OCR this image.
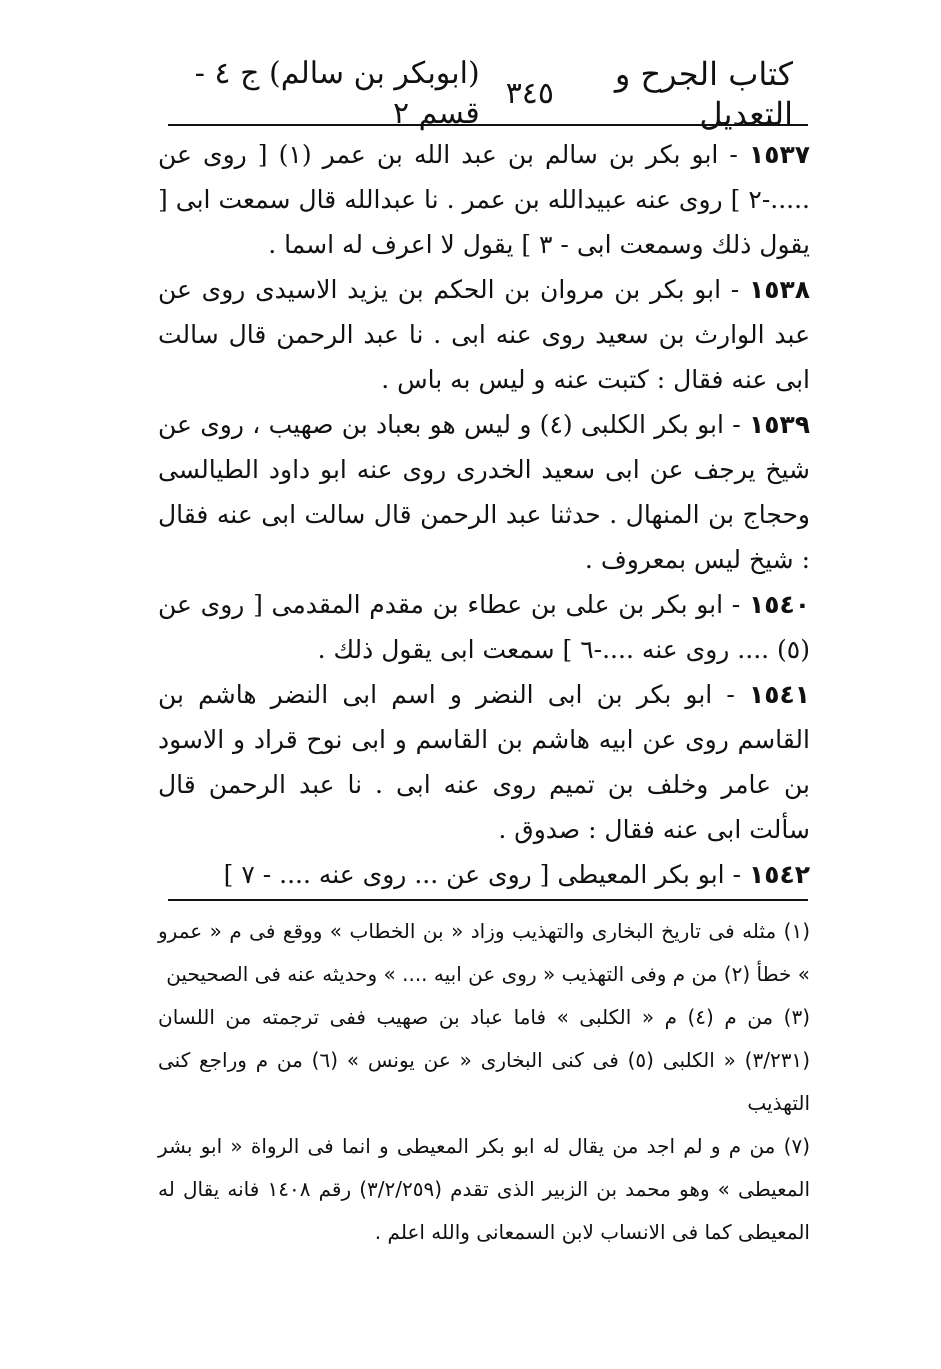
كتاب الجرح و التعديل
٣٤٥
(ابوبكر بن سالم) ج ٤ - قسم ٢

١٥٣٧ - ابو بكر بن سالم بن عبد الله بن عمر (١) [ روى عن .....-٢ ] روى عنه عبيدالله بن عمر . نا عبدالله قال سمعت ابى [ يقول ذلك وسمعت ابى - ٣ ] يقول لا اعرف له اسما .

١٥٣٨ - ابو بكر بن مروان بن الحكم بن يزيد الاسيدى روى عن عبد الوارث بن سعيد روى عنه ابى . نا عبد الرحمن قال سالت ابى عنه فقال : كتبت عنه و ليس به باس .

١٥٣٩ - ابو بكر الكلبى (٤) و ليس هو بعباد بن صهيب ، روى عن شيخ يرجف عن ابى سعيد الخدرى روى عنه ابو داود الطيالسى وحجاج بن المنهال . حدثنا عبد الرحمن قال سالت ابى عنه فقال : شيخ ليس بمعروف .

١٥٤٠ - ابو بكر بن على بن عطاء بن مقدم المقدمى [ روى عن (٥) .... روى عنه ....-٦ ] سمعت ابى يقول ذلك .

١٥٤١ - ابو بكر بن ابى النضر و اسم ابى النضر هاشم بن القاسم روى عن ابيه هاشم بن القاسم و ابى نوح قراد و الاسود بن عامر وخلف بن تميم روى عنه ابى . نا عبد الرحمن قال سألت ابى عنه فقال : صدوق .

١٥٤٢ - ابو بكر المعيطى [ روى عن ... روى عنه .... - ٧ ]

(١) مثله فى تاريخ البخارى والتهذيب وزاد « بن الخطاب » ووقع فى م « عمرو » خطأ (٢) من م وفى التهذيب « روى عن ابيه .... » وحديثه عنه فى الصحيحين

(٣) من م (٤) م « الكلبى » فاما عباد بن صهيب ففى ترجمته من اللسان (٣/٢٣١) « الكلبى (٥) فى كنى البخارى « عن يونس » (٦) من م وراجع كنى التهذيب

(٧) من م و لم اجد من يقال له ابو بكر المعيطى و انما فى الرواة « ابو بشر المعيطى » وهو محمد بن الزبير الذى تقدم (٣/٢/٢٥٩) رقم ١٤٠٨ فانه يقال له المعيطى كما فى الانساب لابن السمعانى والله اعلم .
